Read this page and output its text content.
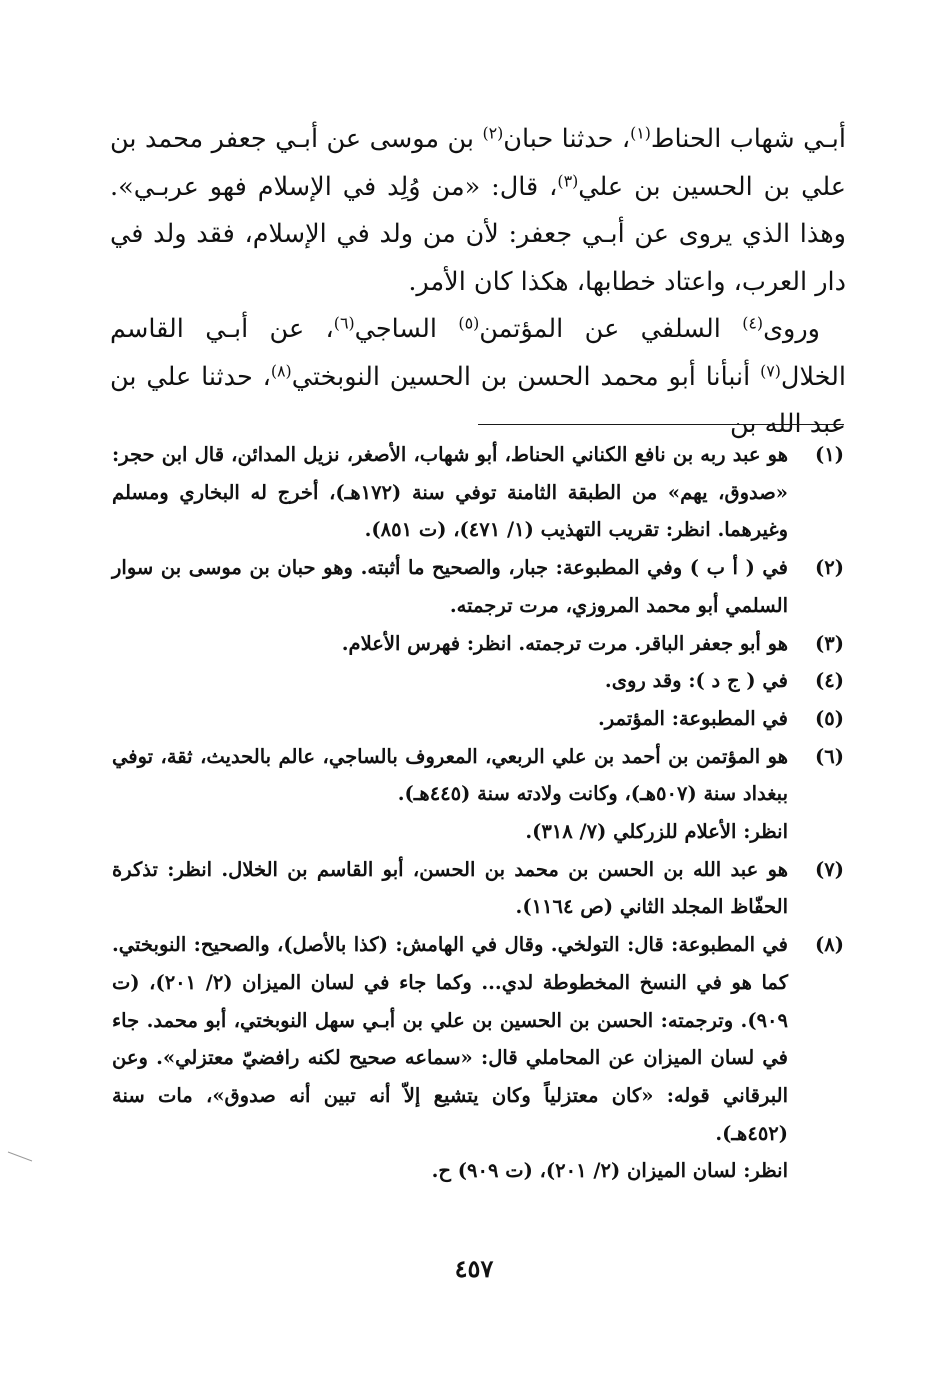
أبـي شهاب الحناط$^{(١)}$، حدثنا حبان$^{(٢)}$ بن موسى عن أبـي جعفر محمد بن علي بن الحسين بن علي$^{(٣)}$، قال: «من وُلِد في الإسلام فهو عربـي». وهذا الذي يروى عن أبـي جعفر: لأن من ولد في الإسلام، فقد ولد في دار العرب، واعتاد خطابها، هكذا كان الأمر.

وروى$^{(٤)}$ السلفي عن المؤتمن$^{(٥)}$ الساجي$^{(٦)}$، عن أبـي القاسم الخلال$^{(٧)}$ أنبأنا أبو محمد الحسن بن الحسين النوبختي$^{(٨)}$، حدثنا علي بن عبد الله بن

(١)

هو عبد ربه بن نافع الكناني الحناط، أبو شهاب، الأصغر، نزيل المدائن، قال ابن حجر: «صدوق، يهم» من الطبقة الثامنة توفي سنة (١٧٢هـ)، أخرج له البخاري ومسلم وغيرهما. انظر: تقريب التهذيب (١/ ٤٧١)، (ت ٨٥١).

(٢)

في ( أ ب ) وفي المطبوعة: جبار، والصحيح ما أثبته. وهو حبان بن موسى بن سوار السلمي أبو محمد المروزي، مرت ترجمته.

(٣)

هو أبو جعفر الباقر. مرت ترجمته. انظر: فهرس الأعلام.

(٤)

في ( ج د ): وقد روى.

(٥)

في المطبوعة: المؤتمر.

(٦)

هو المؤتمن بن أحمد بن علي الربعي، المعروف بالساجي، عالم بالحديث، ثقة، توفي ببغداد سنة (٥٠٧هـ)، وكانت ولادته سنة (٤٤٥هـ).

انظر: الأعلام للزركلي (٧/ ٣١٨).

(٧)

هو عبد الله بن الحسن بن محمد بن الحسن، أبو القاسم بن الخلال. انظر: تذكرة الحفّاظ المجلد الثاني (ص ١١٦٤).

(٨)

في المطبوعة: قال: التولخي. وقال في الهامش: (كذا بالأصل)، والصحيح: النوبختي. كما هو في النسخ المخطوطة لدي... وكما جاء في لسان الميزان (٢/ ٢٠١)، (ت ٩٠٩). وترجمته: الحسن بن الحسين بن علي بن أبـي سهل النوبختي، أبو محمد. جاء في لسان الميزان عن المحاملي قال: «سماعه صحيح لكنه رافضيّ معتزلي». وعن البرقاني قوله: «كان معتزلياً وكان يتشيع إلاّ أنه تبين أنه صدوق»، مات سنة (٤٥٢هـ).

انظر: لسان الميزان (٢/ ٢٠١)، (ت ٩٠٩) ح.

٤٥٧
